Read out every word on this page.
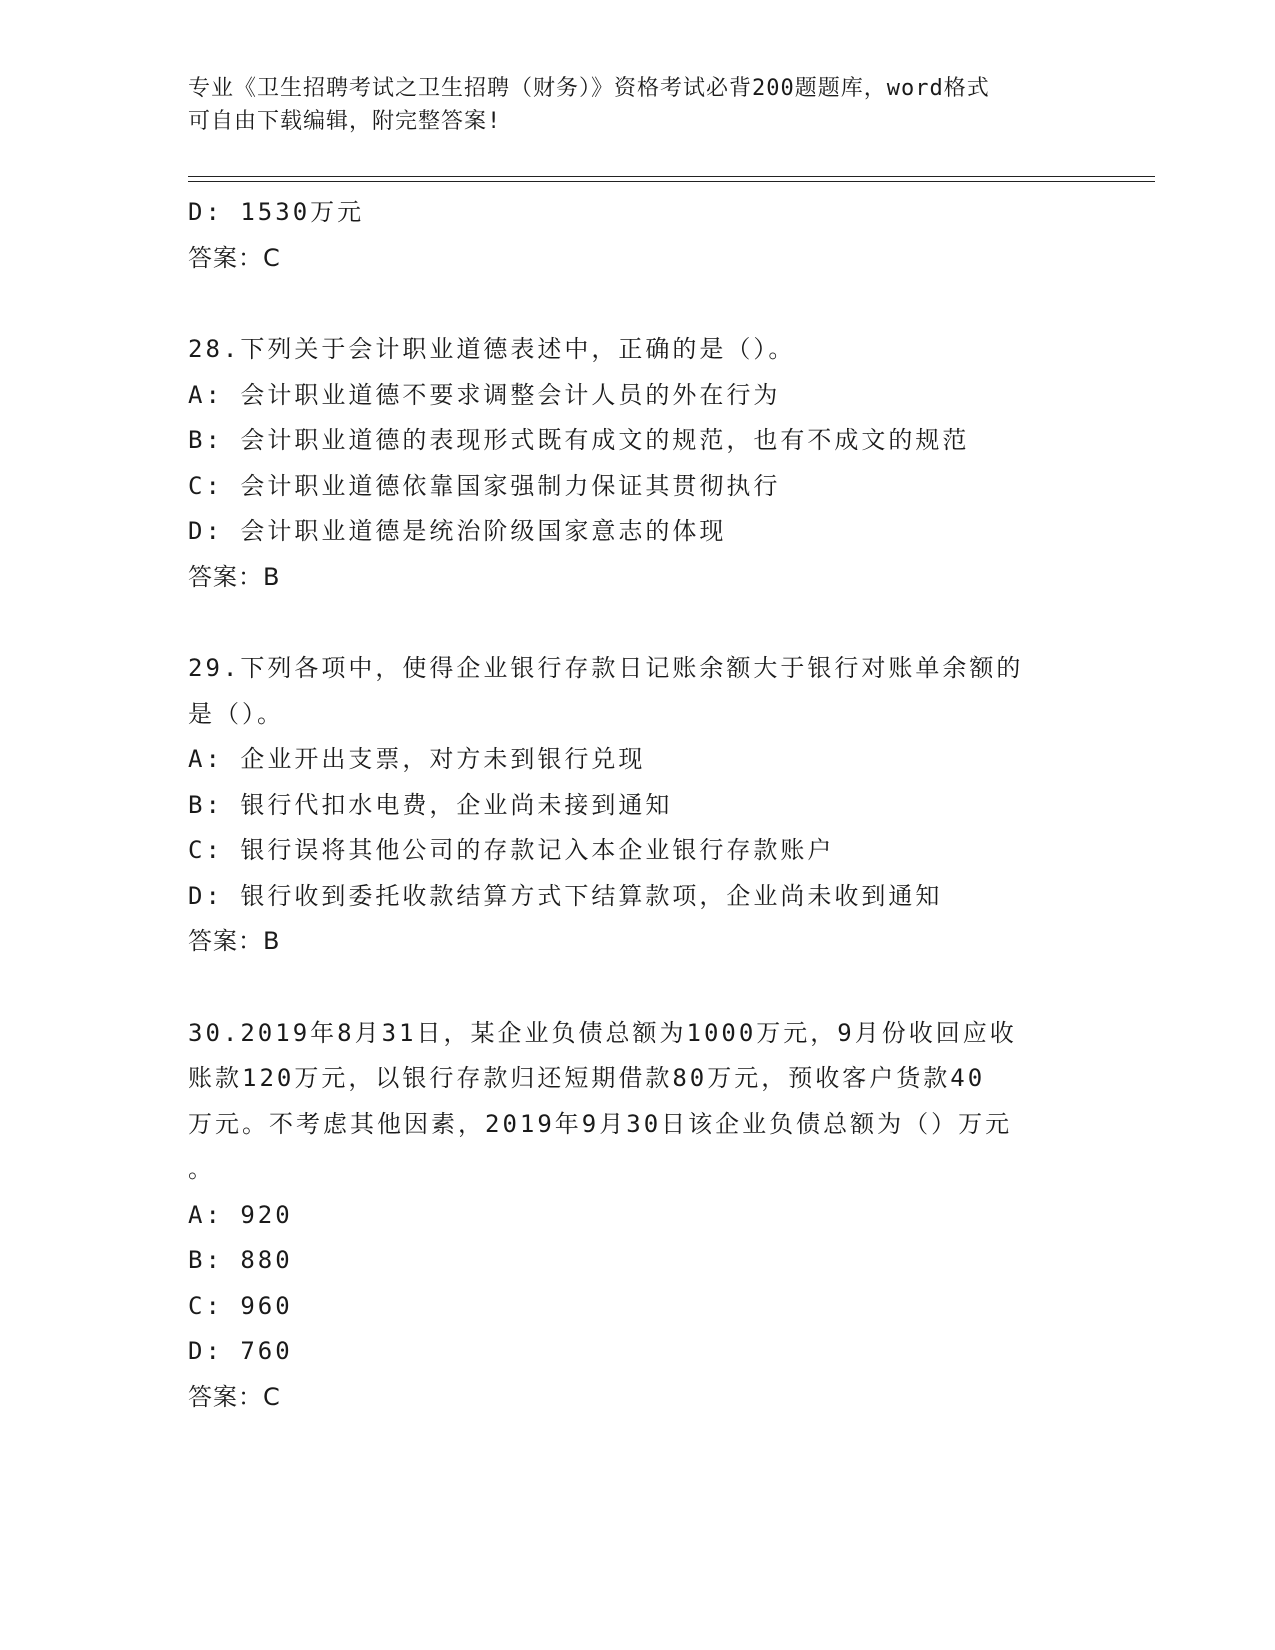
专业《卫生招聘考试之卫生招聘（财务）》资格考试必背200题题库，word格式
可自由下载编辑，附完整答案!
D: 1530万元
答案：C
28.下列关于会计职业道德表述中，正确的是（）。
A: 会计职业道德不要求调整会计人员的外在行为
B: 会计职业道德的表现形式既有成文的规范，也有不成文的规范
C: 会计职业道德依靠国家强制力保证其贯彻执行
D: 会计职业道德是统治阶级国家意志的体现
答案：B
29.下列各项中，使得企业银行存款日记账余额大于银行对账单余额的
是（）。
A: 企业开出支票，对方未到银行兑现
B: 银行代扣水电费，企业尚未接到通知
C: 银行误将其他公司的存款记入本企业银行存款账户
D: 银行收到委托收款结算方式下结算款项，企业尚未收到通知
答案：B
30.2019年8月31日，某企业负债总额为1000万元，9月份收回应收
账款120万元，以银行存款归还短期借款80万元，预收客户货款40
万元。不考虑其他因素，2019年9月30日该企业负债总额为（）万元
。
A: 920
B: 880
C: 960
D: 760
答案：C
